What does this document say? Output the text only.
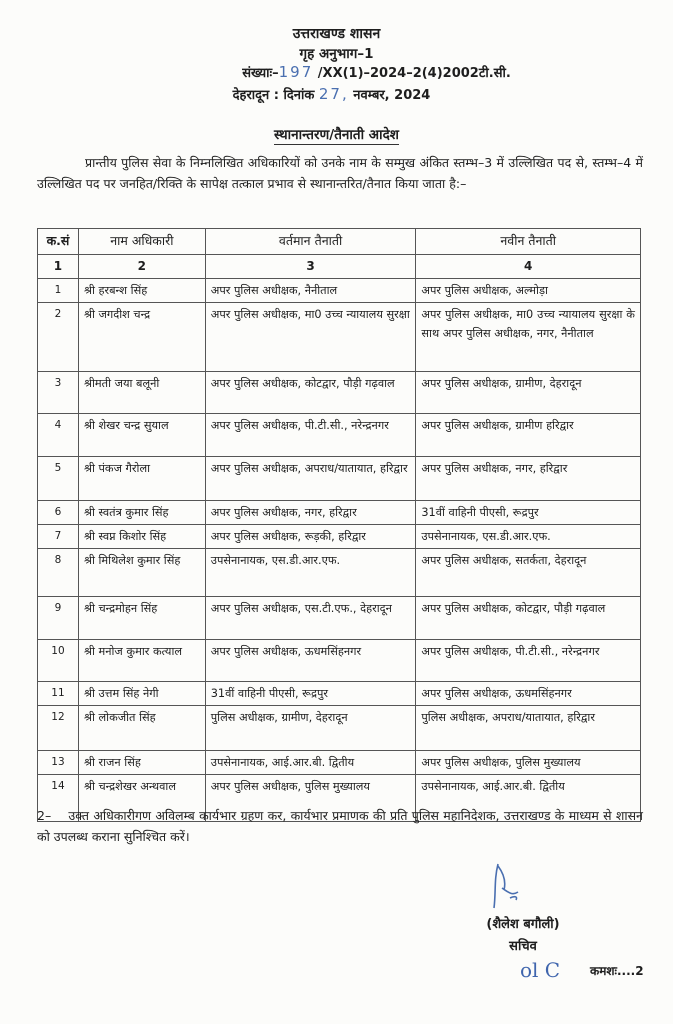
उत्तराखण्ड शासन
गृह अनुभाग–1
संख्याः–197 /XX(1)–2024–2(4)2002टी.सी.
देहरादून : दिनांक 27, नवम्बर, 2024
स्थानान्तरण/तैनाती आदेश
प्रान्तीय पुलिस सेवा के निम्नलिखित अधिकारियों को उनके नाम के सम्मुख अंकित स्तम्भ–3 में उल्लिखित पद से, स्तम्भ–4 में उल्लिखित पद पर जनहित/रिक्ति के सापेक्ष तत्काल प्रभाव से स्थानान्तरित/तैनात किया जाता है:–
क.सं	नाम अधिकारी	वर्तमान तैनाती	नवीन तैनाती
1	2	3	4
1	श्री हरबन्श सिंह	अपर पुलिस अधीक्षक, नैनीताल	अपर पुलिस अधीक्षक, अल्मोड़ा
2	श्री जगदीश चन्द्र	अपर पुलिस अधीक्षक, मा0 उच्च न्यायालय सुरक्षा	अपर पुलिस अधीक्षक, मा0 उच्च न्यायालय सुरक्षा के साथ अपर पुलिस अधीक्षक, नगर, नैनीताल
3	श्रीमती जया बलूनी	अपर पुलिस अधीक्षक, कोटद्वार, पौड़ी गढ़वाल	अपर पुलिस अधीक्षक, ग्रामीण, देहरादून
4	श्री शेखर चन्द्र सुयाल	अपर पुलिस अधीक्षक, पी.टी.सी., नरेन्द्रनगर	अपर पुलिस अधीक्षक, ग्रामीण हरिद्वार
5	श्री पंकज गैरोला	अपर पुलिस अधीक्षक, अपराध/यातायात, हरिद्वार	अपर पुलिस अधीक्षक, नगर, हरिद्वार
6	श्री स्वतंत्र कुमार सिंह	अपर पुलिस अधीक्षक, नगर, हरिद्वार	31वीं वाहिनी पीएसी, रूद्रपुर
7	श्री स्वप्न किशोर सिंह	अपर पुलिस अधीक्षक, रूड़की, हरिद्वार	उपसेनानायक, एस.डी.आर.एफ.
8	श्री मिथिलेश कुमार सिंह	उपसेनानायक, एस.डी.आर.एफ.	अपर पुलिस अधीक्षक, सतर्कता, देहरादून
9	श्री चन्द्रमोहन सिंह	अपर पुलिस अधीक्षक, एस.टी.एफ., देहरादून	अपर पुलिस अधीक्षक, कोटद्वार, पौड़ी गढ़वाल
10	श्री मनोज कुमार कत्याल	अपर पुलिस अधीक्षक, ऊधमसिंहनगर	अपर पुलिस अधीक्षक, पी.टी.सी., नरेन्द्रनगर
11	श्री उत्तम सिंह नेगी	31वीं वाहिनी पीएसी, रूद्रपुर	अपर पुलिस अधीक्षक, ऊधमसिंहनगर
12	श्री लोकजीत सिंह	पुलिस अधीक्षक, ग्रामीण, देहरादून	पुलिस अधीक्षक, अपराध/यातायात, हरिद्वार
13	श्री राजन सिंह	उपसेनानायक, आई.आर.बी. द्वितीय	अपर पुलिस अधीक्षक, पुलिस मुख्यालय
14	श्री चन्द्रशेखर अन्थवाल	अपर पुलिस अधीक्षक, पुलिस मुख्यालय	उपसेनानायक, आई.आर.बी. द्वितीय
2–    उक्त अधिकारीगण अविलम्ब कार्यभार ग्रहण कर, कार्यभार प्रमाणक की प्रति पुलिस महानिदेशक, उत्तराखण्ड के माध्यम से शासन को उपलब्ध कराना सुनिश्चित करें।
(शैलेश बगौली)
सचिव
ol C कमशः....2
